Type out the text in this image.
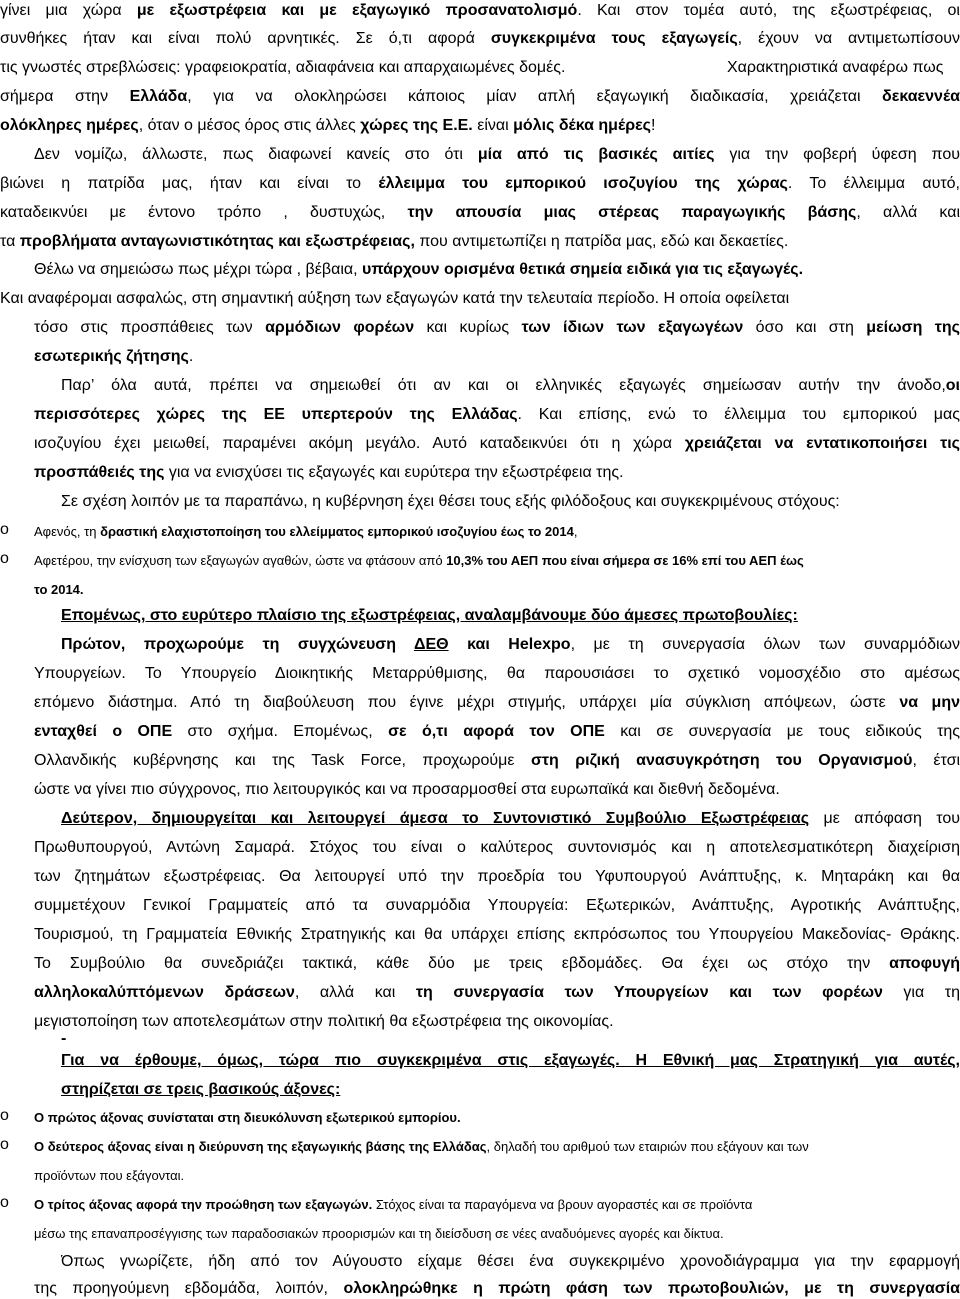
γίνει μια χώρα με εξωστρέφεια και με εξαγωγικό προσανατολισμό. Και στον τομέα αυτό, της εξωστρέφειας, οι
συνθήκες ήταν και είναι πολύ αρνητικές. Σε ό,τι αφορά συγκεκριμένα τους εξαγωγείς, έχουν να αντιμετωπίσουν
τις γνωστές στρεβλώσεις: γραφειοκρατία, αδιαφάνεια και απαρχαιωμένες δομές.	Χαρακτηριστικά αναφέρω πως
σήμερα στην Ελλάδα, για να ολοκληρώσει κάποιος μίαν απλή εξαγωγική διαδικασία, χρειάζεται δεκαεννέα
ολόκληρες ημέρες, όταν ο μέσος όρος στις άλλες χώρες της Ε.Ε. είναι μόλις δέκα ημέρες!
Δεν νομίζω, άλλωστε, πως διαφωνεί κανείς στο ότι μία από τις βασικές αιτίες για την φοβερή ύφεση που
βιώνει η πατρίδα μας, ήταν και είναι το έλλειμμα του εμπορικού ισοζυγίου της χώρας. Το έλλειμμα αυτό,
καταδεικνύει με έντονο τρόπο , δυστυχώς, την απουσία μιας στέρεας παραγωγικής βάσης, αλλά και
τα προβλήματα ανταγωνιστικότητας και εξωστρέφειας, που αντιμετωπίζει η πατρίδα μας, εδώ και δεκαετίες.
Θέλω να σημειώσω πως μέχρι τώρα , βέβαια, υπάρχουν ορισμένα θετικά σημεία ειδικά για τις εξαγωγές.
Και αναφέρομαι ασφαλώς, στη σημαντική αύξηση των εξαγωγών κατά την τελευταία περίοδο. Η οποία οφείλεται
τόσο στις προσπάθειες των αρμόδιων φορέων και κυρίως των ίδιων των εξαγωγέων όσο και στη μείωση της
εσωτερικής ζήτησης.
Παρ’ όλα αυτά, πρέπει να σημειωθεί ότι αν και οι ελληνικές εξαγωγές σημείωσαν αυτήν την άνοδο,οι
περισσότερες χώρες της ΕΕ υπερτερούν της Ελλάδας. Και επίσης, ενώ το έλλειμμα του εμπορικού μας
ισοζυγίου έχει μειωθεί, παραμένει ακόμη μεγάλο. Αυτό καταδεικνύει ότι η χώρα χρειάζεται να εντατικοποιήσει τις
προσπάθειές της για να ενισχύσει τις εξαγωγές και ευρύτερα την εξωστρέφεια της.
Σε σχέση λοιπόν με τα παραπάνω, η κυβέρνηση έχει θέσει τους εξής φιλόδοξους και συγκεκριμένους στόχους:
Αφενός, τη δραστική ελαχιστοποίηση του ελλείμματος εμπορικού ισοζυγίου έως το 2014,
Αφετέρου, την ενίσχυση των εξαγωγών αγαθών, ώστε να φτάσουν από 10,3% του ΑΕΠ που είναι σήμερα σε 16% επί του ΑΕΠ έως
το 2014.
Επομένως, στο ευρύτερο πλαίσιο της εξωστρέφειας, αναλαμβάνουμε δύο άμεσες πρωτοβουλίες:
Πρώτον, προχωρούμε τη συγχώνευση ΔΕΘ και Helexpo, με τη συνεργασία όλων των συναρμόδιων
Υπουργείων. Το Υπουργείο Διοικητικής Μεταρρύθμισης, θα παρουσιάσει το σχετικό νομοσχέδιο στο αμέσως
επόμενο διάστημα. Από τη διαβούλευση που έγινε μέχρι στιγμής, υπάρχει μία σύγκλιση απόψεων, ώστε να μην
ενταχθεί ο ΟΠΕ στο σχήμα. Επομένως, σε ό,τι αφορά τον ΟΠΕ και σε συνεργασία με τους ειδικούς της
Ολλανδικής κυβέρνησης και της Task Force, προχωρούμε στη ριζική ανασυγκρότηση του Οργανισμού, έτσι
ώστε να γίνει πιο σύγχρονος, πιο λειτουργικός και να προσαρμοσθεί στα ευρωπαϊκά και διεθνή δεδομένα.
Δεύτερον, δημιουργείται και λειτουργεί άμεσα το Συντονιστικό Συμβούλιο Εξωστρέφειας με απόφαση του
Πρωθυπουργού, Αντώνη Σαμαρά. Στόχος του είναι ο καλύτερος συντονισμός και η αποτελεσματικότερη διαχείριση
των ζητημάτων εξωστρέφειας. Θα λειτουργεί υπό την προεδρία του Υφυπουργού Ανάπτυξης, κ. Μηταράκη και θα
συμμετέχουν Γενικοί Γραμματείς από τα συναρμόδια Υπουργεία: Εξωτερικών, Ανάπτυξης, Αγροτικής Ανάπτυξης,
Τουρισμού, τη Γραμματεία Εθνικής Στρατηγικής και θα υπάρχει επίσης εκπρόσωπος του Υπουργείου Μακεδονίας- Θράκης.
Το Συμβούλιο θα συνεδριάζει τακτικά, κάθε δύο με τρεις εβδομάδες. Θα έχει ως στόχο την αποφυγή
αλληλοκαλύπτόμενων δράσεων, αλλά και τη συνεργασία των Υπουργείων και των φορέων για τη
μεγιστοποίηση των αποτελεσμάτων στην πολιτική θα εξωστρέφεια της οικονομίας.
-
Για να έρθουμε, όμως, τώρα πιο συγκεκριμένα στις εξαγωγές. Η Εθνική μας Στρατηγική για αυτές,
στηρίζεται σε τρεις βασικούς άξονες:
Ο πρώτος άξονας συνίσταται στη διευκόλυνση εξωτερικού εμπορίου.
Ο δεύτερος άξονας είναι η διεύρυνση της εξαγωγικής βάσης της Ελλάδας, δηλαδή του αριθμού των εταιριών που εξάγουν και των
προϊόντων που εξάγονται.
Ο τρίτος άξονας αφορά την προώθηση των εξαγωγών. Στόχος είναι τα παραγόμενα να βρουν αγοραστές και σε προϊόντα
μέσω της επαναπροσέγγισης των παραδοσιακών προορισμών και τη διείσδυση σε νέες αναδυόμενες αγορές και δίκτυα.
Όπως γνωρίζετε, ήδη από τον Αύγουστο είχαμε θέσει ένα συγκεκριμένο χρονοδιάγραμμα για την εφαρμογή
της προηγούμενη εβδομάδα, λοιπόν, ολοκληρώθηκε η πρώτη φάση των πρωτοβουλιών, με τη συνεργασία
o
o
o
o
o
